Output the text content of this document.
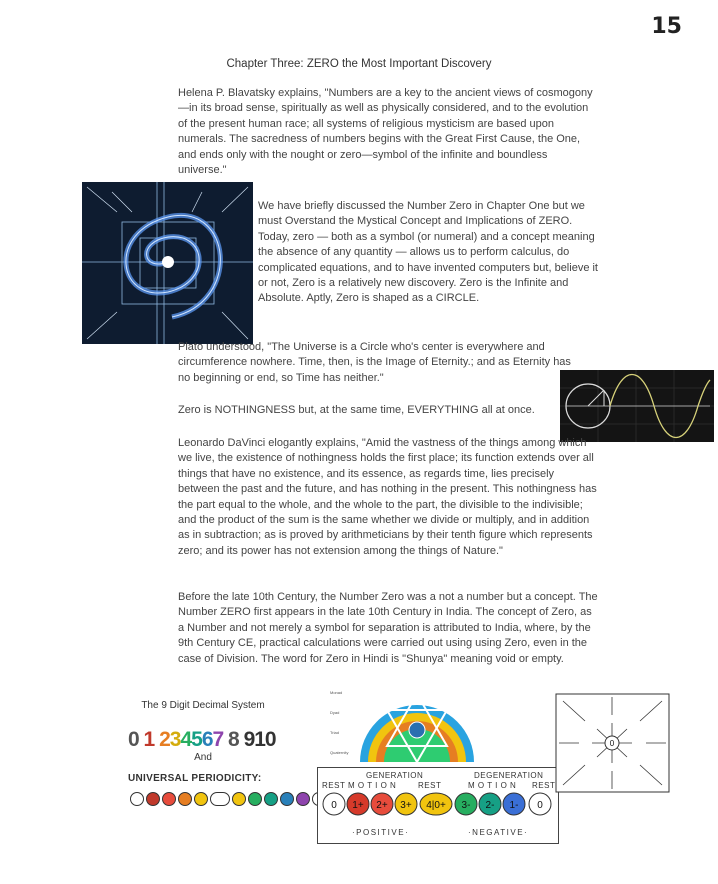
15
Chapter Three: ZERO the Most Important Discovery
Helena P. Blavatsky explains, "Numbers are a key to the ancient views of cosmogony—in its broad sense, spiritually as well as physically considered, and to the evolution of the present human race; all systems of religious mysticism are based upon numerals. The sacredness of numbers begins with the Great First Cause, the One, and ends only with the nought or zero—symbol of the infinite and boundless universe."
We have briefly discussed the Number Zero in Chapter One but we must Overstand the Mystical Concept and Implications of ZERO. Today, zero — both as a symbol (or numeral) and a concept meaning the absence of any quantity — allows us to perform calculus, do complicated equations, and to have invented computers but, believe it or not, Zero is a relatively new discovery. Zero is the Infinite and Absolute. Aptly, Zero is shaped as a CIRCLE.
Plato understood, "The Universe is a Circle who's center is everywhere and circumference nowhere. Time, then, is the Image of Eternity.; and as Eternity has no beginning or end, so Time has neither."
Zero is NOTHINGNESS but, at the same time, EVERYTHING all at once.
Leonardo DaVinci elogantly explains, "Amid the vastness of the things among which we live, the existence of nothingness holds the first place; its function extends over all things that have no existence, and its essence, as regards time, lies precisely between the past and the future, and has nothing in the present. This nothingness has the part equal to the whole, and the whole to the part, the divisible to the indivisible; and the product of the sum is the same whether we divide or multiply, and in addition as in subtraction; as is proved by arithmeticians by their tenth figure which represents zero; and its power has not extension among the things of Nature."
Before the late 10th Century, the Number Zero was a not a number but a concept. The Number ZERO first appears in the late 10th Century in India. The concept of Zero, as a Number and not merely a symbol for separation is attributed to India, where, by the 9th Century CE, practical calculations were carried out using using Zero, even in the case of Division. The word for Zero in Hindi is "Shunya" meaning void or empty.
The 9 Digit Decimal System
0 1 234567 8 910
And
UNIVERSAL PERIODICITY:
Monad
Dyad
Triad
Quaternity
GENERATION	DEGENERATION
REST M O T I O N	REST	M O T I O N REST
0 1+ 2+ 3+ 4|0+ 3- 2- 1- 0
·POSITIVE·	·NEGATIVE·
0
